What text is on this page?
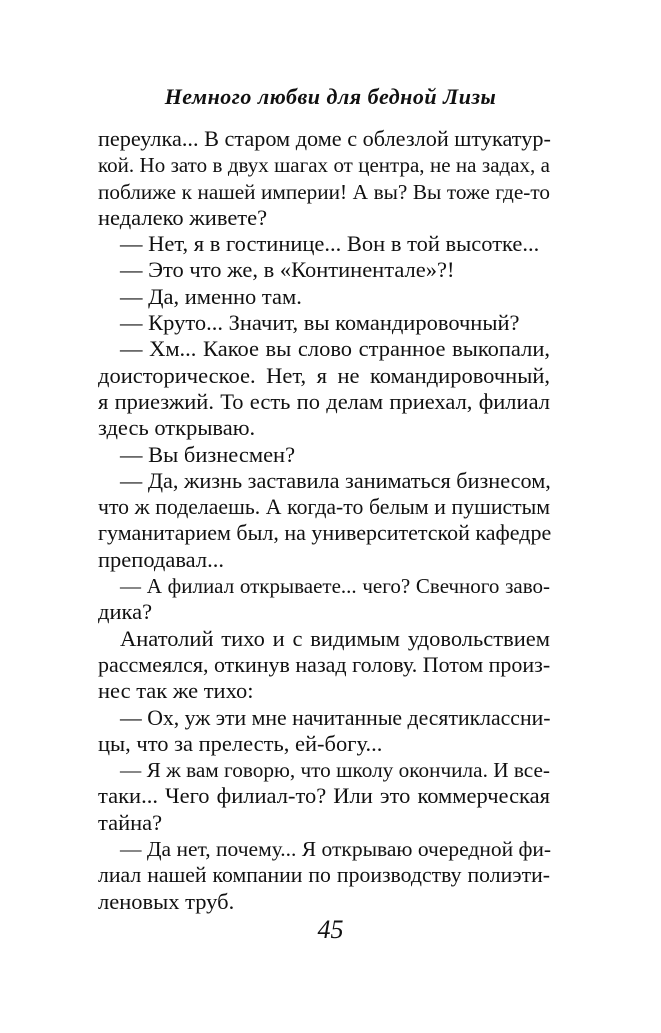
Немного любви для бедной Лизы
переулка... В старом доме с облезлой штукатур-
кой. Но зато в двух шагах от центра, не на задах, а
поближе к нашей империи! А вы? Вы тоже где-то
недалеко живете?
— Нет, я в гостинице... Вон в той высотке...
— Это что же, в «Континентале»?!
— Да, именно там.
— Круто... Значит, вы командировочный?
— Хм... Какое вы слово странное выкопали,
доисторическое. Нет, я не командировочный,
я приезжий. То есть по делам приехал, филиал
здесь открываю.
— Вы бизнесмен?
— Да, жизнь заставила заниматься бизнесом,
что ж поделаешь. А когда-то белым и пушистым
гуманитарием был, на университетской кафедре
преподавал...
— А филиал открываете... чего? Свечного заво-
дика?
Анатолий тихо и с видимым удовольствием
рассмеялся, откинув назад голову. Потом произ-
нес так же тихо:
— Ох, уж эти мне начитанные десятиклассни-
цы, что за прелесть, ей-богу...
— Я ж вам говорю, что школу окончила. И все-
таки... Чего филиал-то? Или это коммерческая
тайна?
— Да нет, почему... Я открываю очередной фи-
лиал нашей компании по производству полиэти-
леновых труб.
45
